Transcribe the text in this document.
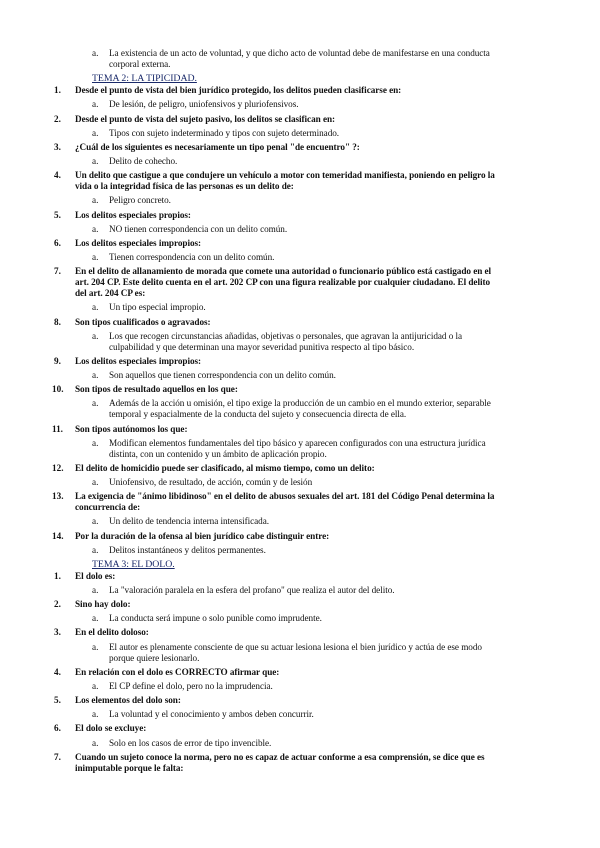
a. La existencia de un acto de voluntad, y que dicho acto de voluntad debe de manifestarse en una conducta
corporal externa.
TEMA 2: LA TIPICIDAD.
1. Desde el punto de vista del bien jurídico protegido, los delitos pueden clasificarse en:
a. De lesión, de peligro, uniofensivos y pluriofensivos.
2. Desde el punto de vista del sujeto pasivo, los delitos se clasifican en:
a. Tipos con sujeto indeterminado y tipos con sujeto determinado.
3. ¿Cuál de los siguientes es necesariamente un tipo penal "de encuentro" ?:
a. Delito de cohecho.
4. Un delito que castigue a que condujere un vehículo a motor con temeridad manifiesta, poniendo en peligro la
vida o la integridad física de las personas es un delito de:
a. Peligro concreto.
5. Los delitos especiales propios:
a. NO tienen correspondencia con un delito común.
6. Los delitos especiales impropios:
a. Tienen correspondencia con un delito común.
7. En el delito de allanamiento de morada que comete una autoridad o funcionario público está castigado en el
art. 204 CP. Este delito cuenta en el art. 202 CP con una figura realizable por cualquier ciudadano. El delito
del art. 204 CP es:
a. Un tipo especial impropio.
8. Son tipos cualificados o agravados:
a. Los que recogen circunstancias añadidas, objetivas o personales, que agravan la antijuricidad o la
culpabilidad y que determinan una mayor severidad punitiva respecto al tipo básico.
9. Los delitos especiales impropios:
a. Son aquellos que tienen correspondencia con un delito común.
10. Son tipos de resultado aquellos en los que:
a. Además de la acción u omisión, el tipo exige la producción de un cambio en el mundo exterior, separable
temporal y espacialmente de la conducta del sujeto y consecuencia directa de ella.
11. Son tipos autónomos los que:
a. Modifican elementos fundamentales del tipo básico y aparecen configurados con una estructura jurídica
distinta, con un contenido y un ámbito de aplicación propio.
12. El delito de homicidio puede ser clasificado, al mismo tiempo, como un delito:
a. Uniofensivo, de resultado, de acción, común y de lesión
13. La exigencia de "ánimo libidinoso" en el delito de abusos sexuales del art. 181 del Código Penal determina la
concurrencia de:
a. Un delito de tendencia interna intensificada.
14. Por la duración de la ofensa al bien jurídico cabe distinguir entre:
a. Delitos instantáneos y delitos permanentes.
TEMA 3: EL DOLO.
1. El dolo es:
a. La "valoración paralela en la esfera del profano" que realiza el autor del delito.
2. Sino hay dolo:
a. La conducta será impune o solo punible como imprudente.
3. En el delito doloso:
a. El autor es plenamente consciente de que su actuar lesiona lesiona el bien jurídico y actúa de ese modo
porque quiere lesionarlo.
4. En relación con el dolo es CORRECTO afirmar que:
a. El CP define el dolo, pero no la imprudencia.
5. Los elementos del dolo son:
a. La voluntad y el conocimiento y ambos deben concurrir.
6. El dolo se excluye:
a. Solo en los casos de error de tipo invencible.
7. Cuando un sujeto conoce la norma, pero no es capaz de actuar conforme a esa comprensión, se dice que es
inimputable porque le falta:
